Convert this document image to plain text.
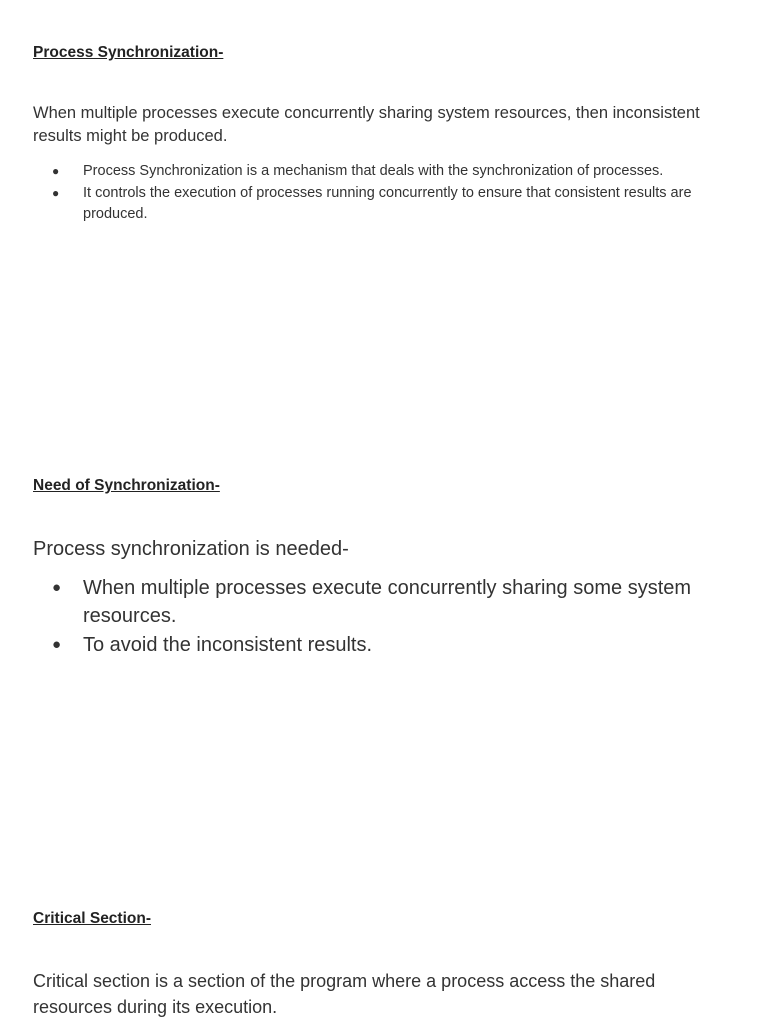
Process Synchronization-

When multiple processes execute concurrently sharing system resources, then inconsistent results might be produced.

● Process Synchronization is a mechanism that deals with the synchronization of processes.
● It controls the execution of processes running concurrently to ensure that consistent results are produced.
Need of Synchronization-

Process synchronization is needed-

● When multiple processes execute concurrently sharing some system resources.
● To avoid the inconsistent results.
Critical Section-

Critical section is a section of the program where a process access the shared resources during its execution.
